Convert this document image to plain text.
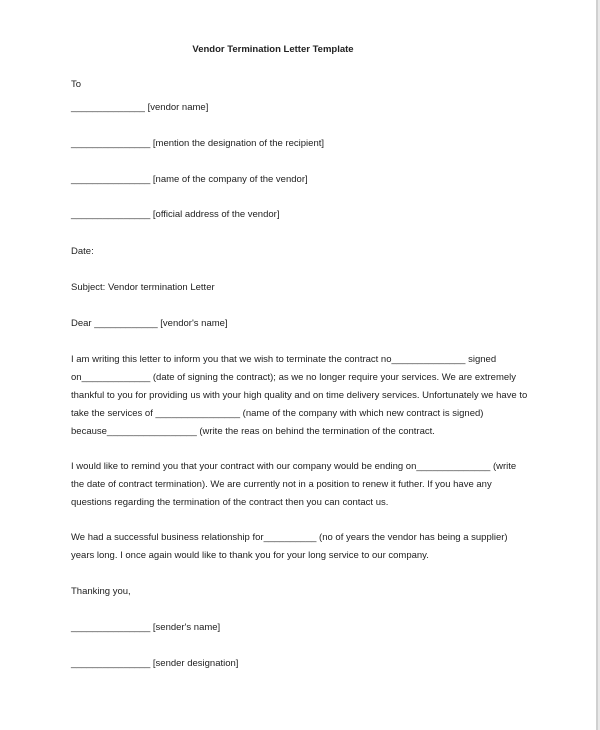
Vendor Termination Letter Template
To
______________ [vendor name]
_______________ [mention the designation of the recipient]
_______________ [name of the company of the vendor]
_______________ [official address of the vendor]
Date:
Subject: Vendor termination Letter
Dear ____________ [vendor's name]
I am writing this letter to inform you that we wish to terminate the contract no______________ signed
on_____________ (date of signing the contract); as we no longer require your services. We are extremely
thankful to you for providing us with your high quality and on time delivery services. Unfortunately we have to
take the services of ________________ (name of the company with which new contract is signed)
because_________________ (write the reas on behind the termination of the contract.
I would like to remind you that your contract with our company would be ending on______________ (write
the date of contract termination). We are currently not in a position to renew it futher. If you have any
questions regarding the termination of the contract then you can contact us.
We had a successful business relationship for__________ (no of years the vendor has being a supplier)
years long. I once again would like to thank you for your long service to our company.
Thanking you,
_______________ [sender's name]
_______________ [sender designation]
